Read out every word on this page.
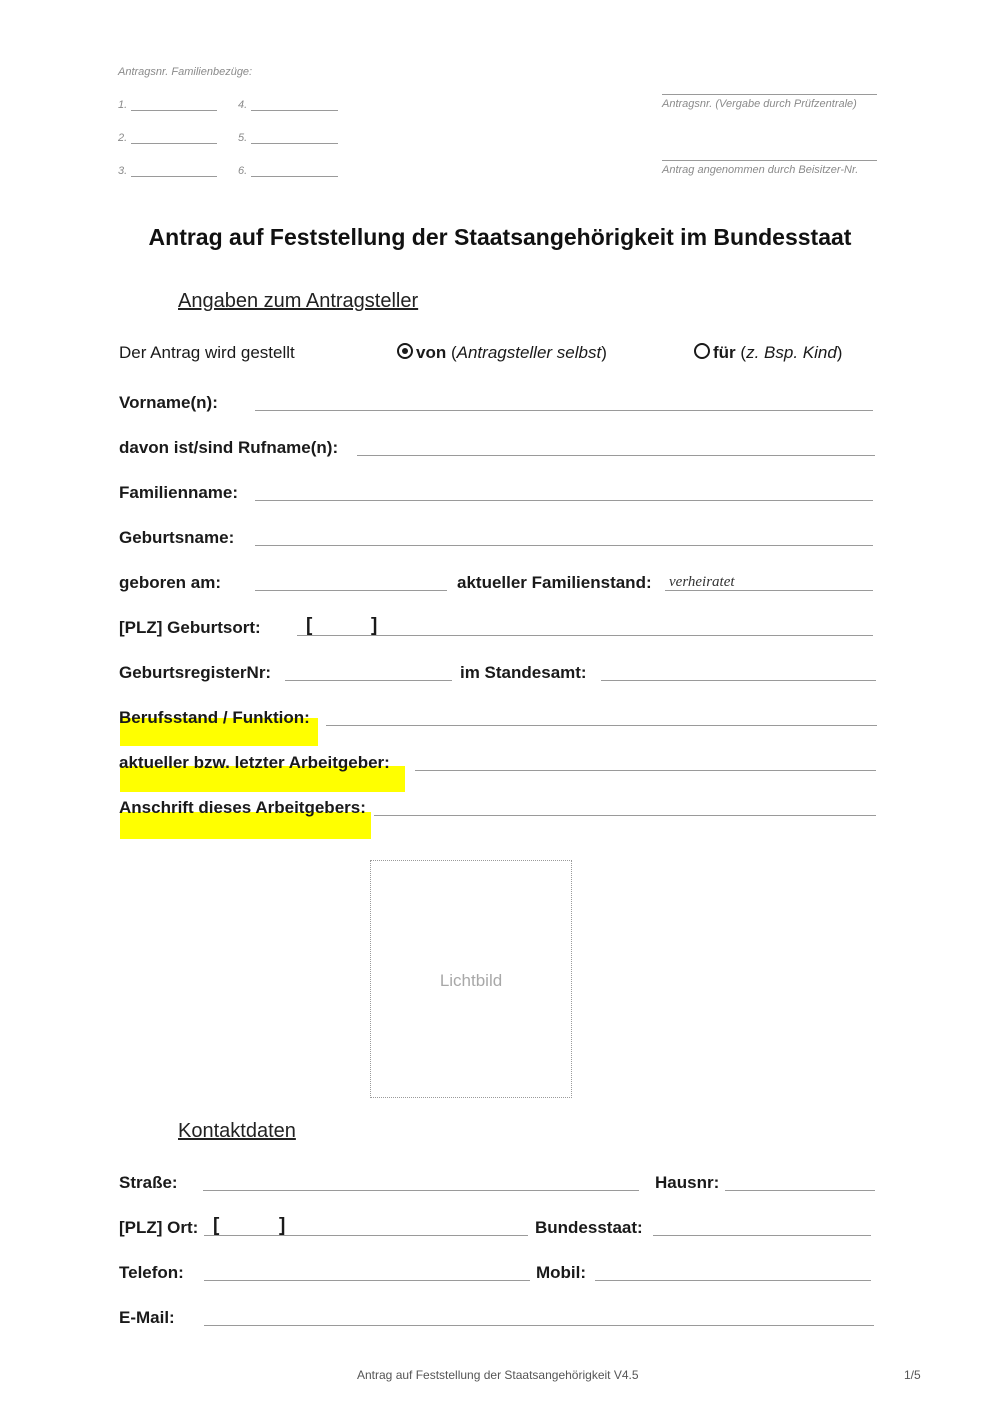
Antragsnr. Familienbezüge:
1.
2.
3.
4.
5.
6.
Antragsnr. (Vergabe durch Prüfzentrale)
Antrag angenommen durch Beisitzer-Nr.
Antrag auf Feststellung der Staatsangehörigkeit im Bundesstaat
Angaben zum Antragsteller
Der Antrag wird gestellt	von (Antragsteller selbst)	für (z. Bsp. Kind)
Vorname(n):
davon ist/sind Rufname(n):
Familienname:
Geburtsname:
geboren am:	aktueller Familienstand: verheiratet
[PLZ] Geburtsort: [	]
GeburtsregisterNr:	im Standesamt:
Berufsstand / Funktion:
aktueller bzw. letzter Arbeitgeber:
Anschrift dieses Arbeitgebers:
Lichtbild
Kontaktdaten
Straße:	Hausnr:
[PLZ] Ort: [	]	Bundesstaat:
Telefon:	Mobil:
E-Mail:
Antrag auf Feststellung der Staatsangehörigkeit V4.5	1/5
